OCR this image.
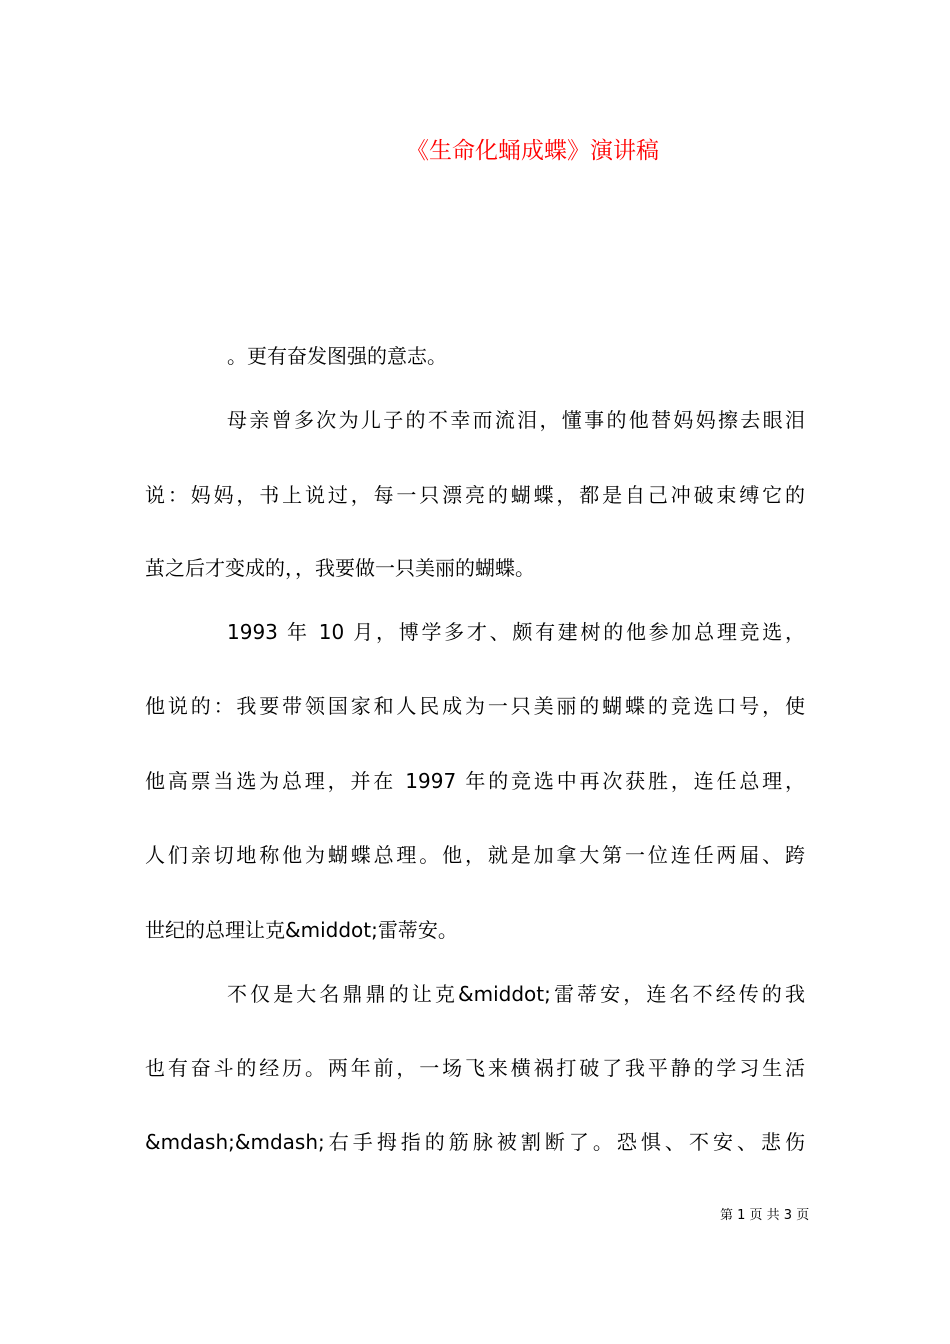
《生命化蛹成蝶》演讲稿
。更有奋发图强的意志。
母亲曾多次为儿子的不幸而流泪，懂事的他替妈妈擦去眼泪
说：妈妈，书上说过，每一只漂亮的蝴蝶，都是自己冲破束缚它的
茧之后才变成的，，我要做一只美丽的蝴蝶。
1993 年 10 月，博学多才、颇有建树的他参加总理竞选，
他说的：我要带领国家和人民成为一只美丽的蝴蝶的竞选口号，使
他高票当选为总理，并在 1997 年的竞选中再次获胜，连任总理，
人们亲切地称他为蝴蝶总理。他，就是加拿大第一位连任两届、跨
世纪的总理让克&middot;雷蒂安。
不仅是大名鼎鼎的让克&middot;雷蒂安，连名不经传的我
也有奋斗的经历。两年前，一场飞来横祸打破了我平静的学习生活
&mdash;&mdash;右手拇指的筋脉被割断了。恐惧、不安、悲伤
第 1 页 共 3 页
